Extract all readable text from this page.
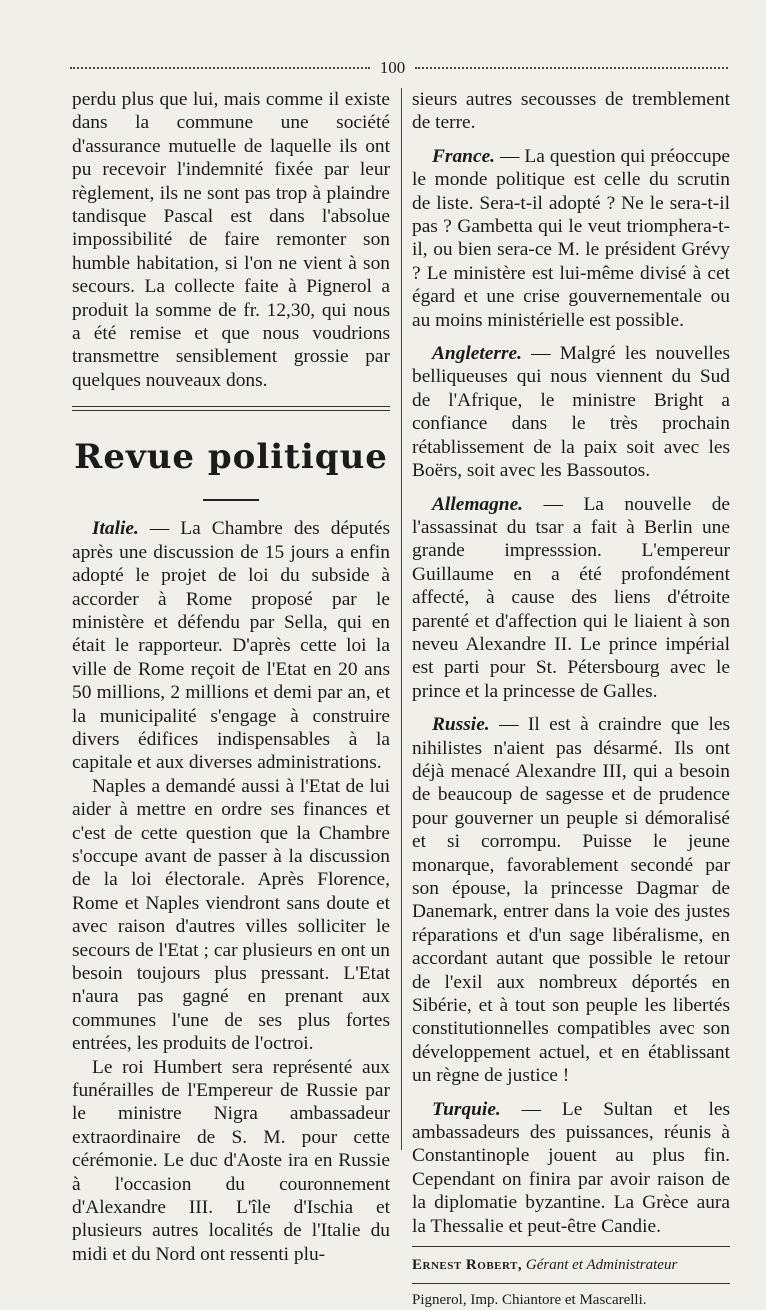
100

perdu plus que lui, mais comme il existe dans la commune une société d'assurance mutuelle de laquelle ils ont pu recevoir l'indemnité fixée par leur règlement, ils ne sont pas trop à plaindre tandisque Pascal est dans l'absolue impossibilité de faire remonter son humble habitation, si l'on ne vient à son secours. La collecte faite à Pignerol a produit la somme de fr. 12,30, qui nous a été remise et que nous voudrions transmettre sensiblement grossie par quelques nouveaux dons.

Revue politique

Italie. — La Chambre des députés après une discussion de 15 jours a enfin adopté le projet de loi du subside à accorder à Rome proposé par le ministère et défendu par Sella, qui en était le rapporteur. D'après cette loi la ville de Rome reçoit de l'Etat en 20 ans 50 millions, 2 millions et demi par an, et la municipalité s'engage à construire divers édifices indispensables à la capitale et aux diverses administrations.

Naples a demandé aussi à l'Etat de lui aider à mettre en ordre ses finances et c'est de cette question que la Chambre s'occupe avant de passer à la discussion de la loi électorale. Après Florence, Rome et Naples viendront sans doute et avec raison d'autres villes solliciter le secours de l'Etat ; car plusieurs en ont un besoin toujours plus pressant. L'Etat n'aura pas gagné en prenant aux communes l'une de ses plus fortes entrées, les produits de l'octroi.

Le roi Humbert sera représenté aux funérailles de l'Empereur de Russie par le ministre Nigra ambassadeur extraordinaire de S. M. pour cette cérémonie. Le duc d'Aoste ira en Russie à l'occasion du couronnement d'Alexandre III. L'île d'Ischia et plusieurs autres localités de l'Italie du midi et du Nord ont ressenti plu-

sieurs autres secousses de tremblement de terre.

France. — La question qui préoccupe le monde politique est celle du scrutin de liste. Sera-t-il adopté ? Ne le sera-t-il pas ? Gambetta qui le veut triomphera-t-il, ou bien sera-ce M. le président Grévy ? Le ministère est lui-même divisé à cet égard et une crise gouvernementale ou au moins ministérielle est possible.

Angleterre. — Malgré les nouvelles belliqueuses qui nous viennent du Sud de l'Afrique, le ministre Bright a confiance dans le très prochain rétablissement de la paix soit avec les Boërs, soit avec les Bassoutos.

Allemagne. — La nouvelle de l'assassinat du tsar a fait à Berlin une grande impresssion. L'empereur Guillaume en a été profondément affecté, à cause des liens d'étroite parenté et d'affection qui le liaient à son neveu Alexandre II. Le prince impérial est parti pour St. Pétersbourg avec le prince et la princesse de Galles.

Russie. — Il est à craindre que les nihilistes n'aient pas désarmé. Ils ont déjà menacé Alexandre III, qui a besoin de beaucoup de sagesse et de prudence pour gouverner un peuple si démoralisé et si corrompu. Puisse le jeune monarque, favorablement secondé par son épouse, la princesse Dagmar de Danemark, entrer dans la voie des justes réparations et d'un sage libéralisme, en accordant autant que possible le retour de l'exil aux nombreux déportés en Sibérie, et à tout son peuple les libertés constitutionnelles compatibles avec son développement actuel, et en établissant un règne de justice !

Turquie. — Le Sultan et les ambassadeurs des puissances, réunis à Constantinople jouent au plus fin. Cependant on finira par avoir raison de la diplomatie byzantine. La Grèce aura la Thessalie et peut-être Candie.

Ernest Robert, Gérant et Administrateur
Pignerol, Imp. Chiantore et Mascarelli.
